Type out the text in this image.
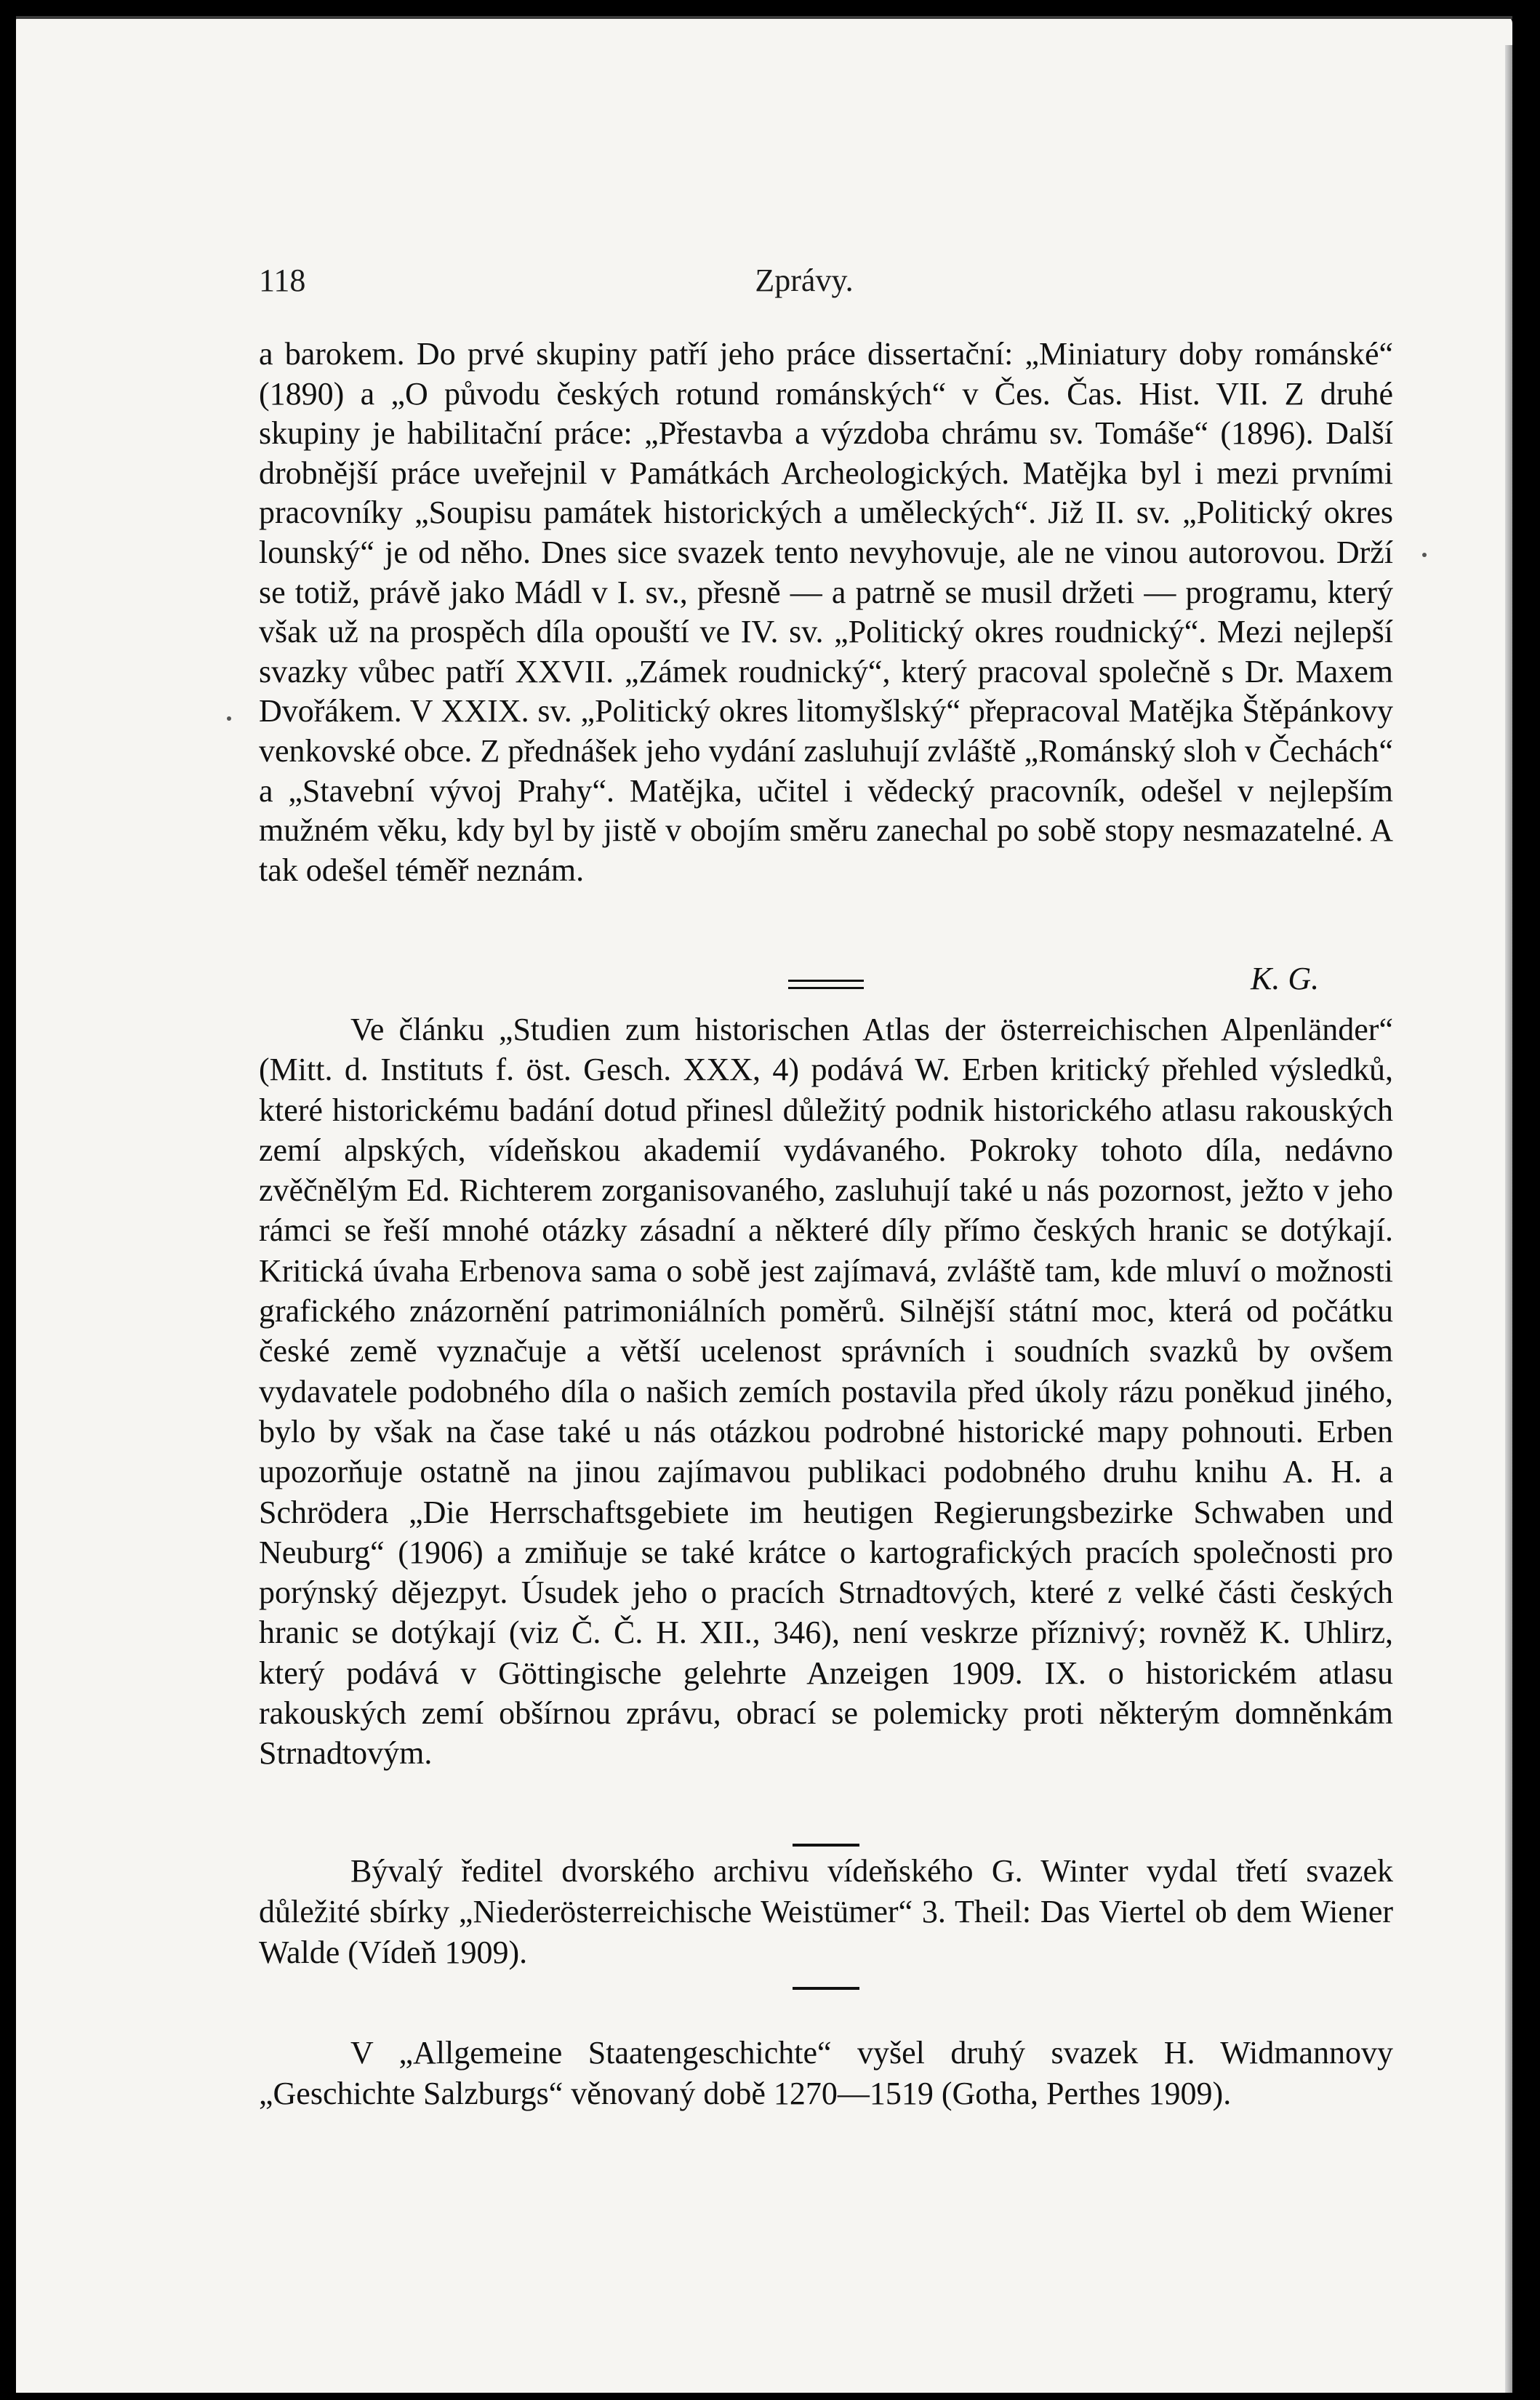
118	Zprávy.

a barokem. Do prvé skupiny patří jeho práce dissertační: „Miniatury doby románské“ (1890) a „O původu českých rotund románských“ v Čes. Čas. Hist. VII. Z druhé skupiny je habilitační práce: „Přestavba a výzdoba chrámu sv. Tomáše“ (1896). Další drobnější práce uveřejnil v Památkách Archeologických. Matějka byl i mezi prvními pracovníky „Soupisu památek historických a uměleckých“. Již II. sv. „Politický okres lounský“ je od něho. Dnes sice svazek tento nevyhovuje, ale ne vinou autorovou. Drží se totiž, právě jako Mádl v I. sv., přesně — a patrně se musil držeti — programu, který však už na prospěch díla opouští ve IV. sv. „Politický okres roudnický“. Mezi nejlepší svazky vůbec patří XXVII. „Zámek roudnický“, který pracoval společně s Dr. Maxem Dvořákem. V XXIX. sv. „Politický okres litomyšlský“ přepracoval Matějka Štěpánkovy venkovské obce. Z přednášek jeho vydání zasluhují zvláště „Románský sloh v Čechách“ a „Stavební vývoj Prahy“. Matějka, učitel i vědecký pracovník, odešel v nejlepším mužném věku, kdy byl by jistě v obojím směru zanechal po sobě stopy nesmazatelné. A tak odešel téměř neznám.

K. G.

Ve článku „Studien zum historischen Atlas der österreichischen Alpenländer“ (Mitt. d. Instituts f. öst. Gesch. XXX, 4) podává W. Erben kritický přehled výsledků, které historickému badání dotud přinesl důležitý podnik historického atlasu rakouských zemí alpských, vídeňskou akademií vydávaného. Pokroky tohoto díla, nedávno zvěčnělým Ed. Richterem zorganisovaného, zasluhují také u nás pozornost, ježto v jeho rámci se řeší mnohé otázky zásadní a některé díly přímo českých hranic se dotýkají. Kritická úvaha Erbenova sama o sobě jest zajímavá, zvláště tam, kde mluví o možnosti grafického znázornění patrimoniálních poměrů. Silnější státní moc, která od počátku české země vyznačuje a větší ucelenost správních i soudních svazků by ovšem vydavatele podobného díla o našich zemích postavila před úkoly rázu poněkud jiného, bylo by však na čase také u nás otázkou podrobné historické mapy pohnouti. Erben upozorňuje ostatně na jinou zajímavou publikaci podobného druhu knihu A. H. a Schrödera „Die Herrschaftsgebiete im heutigen Regierungsbezirke Schwaben und Neuburg“ (1906) a zmiňuje se také krátce o kartografických pracích společnosti pro porýnský dějezpyt. Úsudek jeho o pracích Strnadtových, které z velké části českých hranic se dotýkají (viz Č. Č. H. XII., 346), není veskrze příznivý; rovněž K. Uhlirz, který podává v Göttingische gelehrte Anzeigen 1909. IX. o historickém atlasu rakouských zemí obšírnou zprávu, obrací se polemicky proti některým domněnkám Strnadtovým.

Bývalý ředitel dvorského archivu vídeňského G. Winter vydal třetí svazek důležité sbírky „Niederösterreichische Weistümer“ 3. Theil: Das Viertel ob dem Wiener Walde (Vídeň 1909).

V „Allgemeine Staatengeschichte“ vyšel druhý svazek H. Widmannovy „Geschichte Salzburgs“ věnovaný době 1270—1519 (Gotha, Perthes 1909).
